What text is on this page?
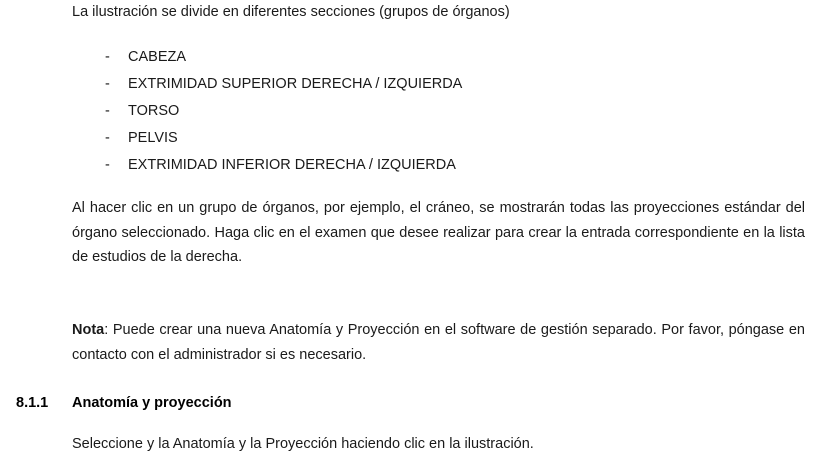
La ilustración se divide en diferentes secciones (grupos de órganos)
-	CABEZA
-	EXTRIMIDAD SUPERIOR DERECHA / IZQUIERDA
-	TORSO
-	PELVIS
-	EXTRIMIDAD INFERIOR DERECHA / IZQUIERDA
Al hacer clic en un grupo de órganos, por ejemplo, el cráneo, se mostrarán todas las proyecciones estándar del órgano seleccionado. Haga clic en el examen que desee realizar para crear la entrada correspondiente en la lista de estudios de la derecha.
Nota: Puede crear una nueva Anatomía y Proyección en el software de gestión separado. Por favor, póngase en contacto con el administrador si es necesario.
8.1.1	Anatomía y proyección
Seleccione y la Anatomía y la Proyección haciendo clic en la ilustración.
